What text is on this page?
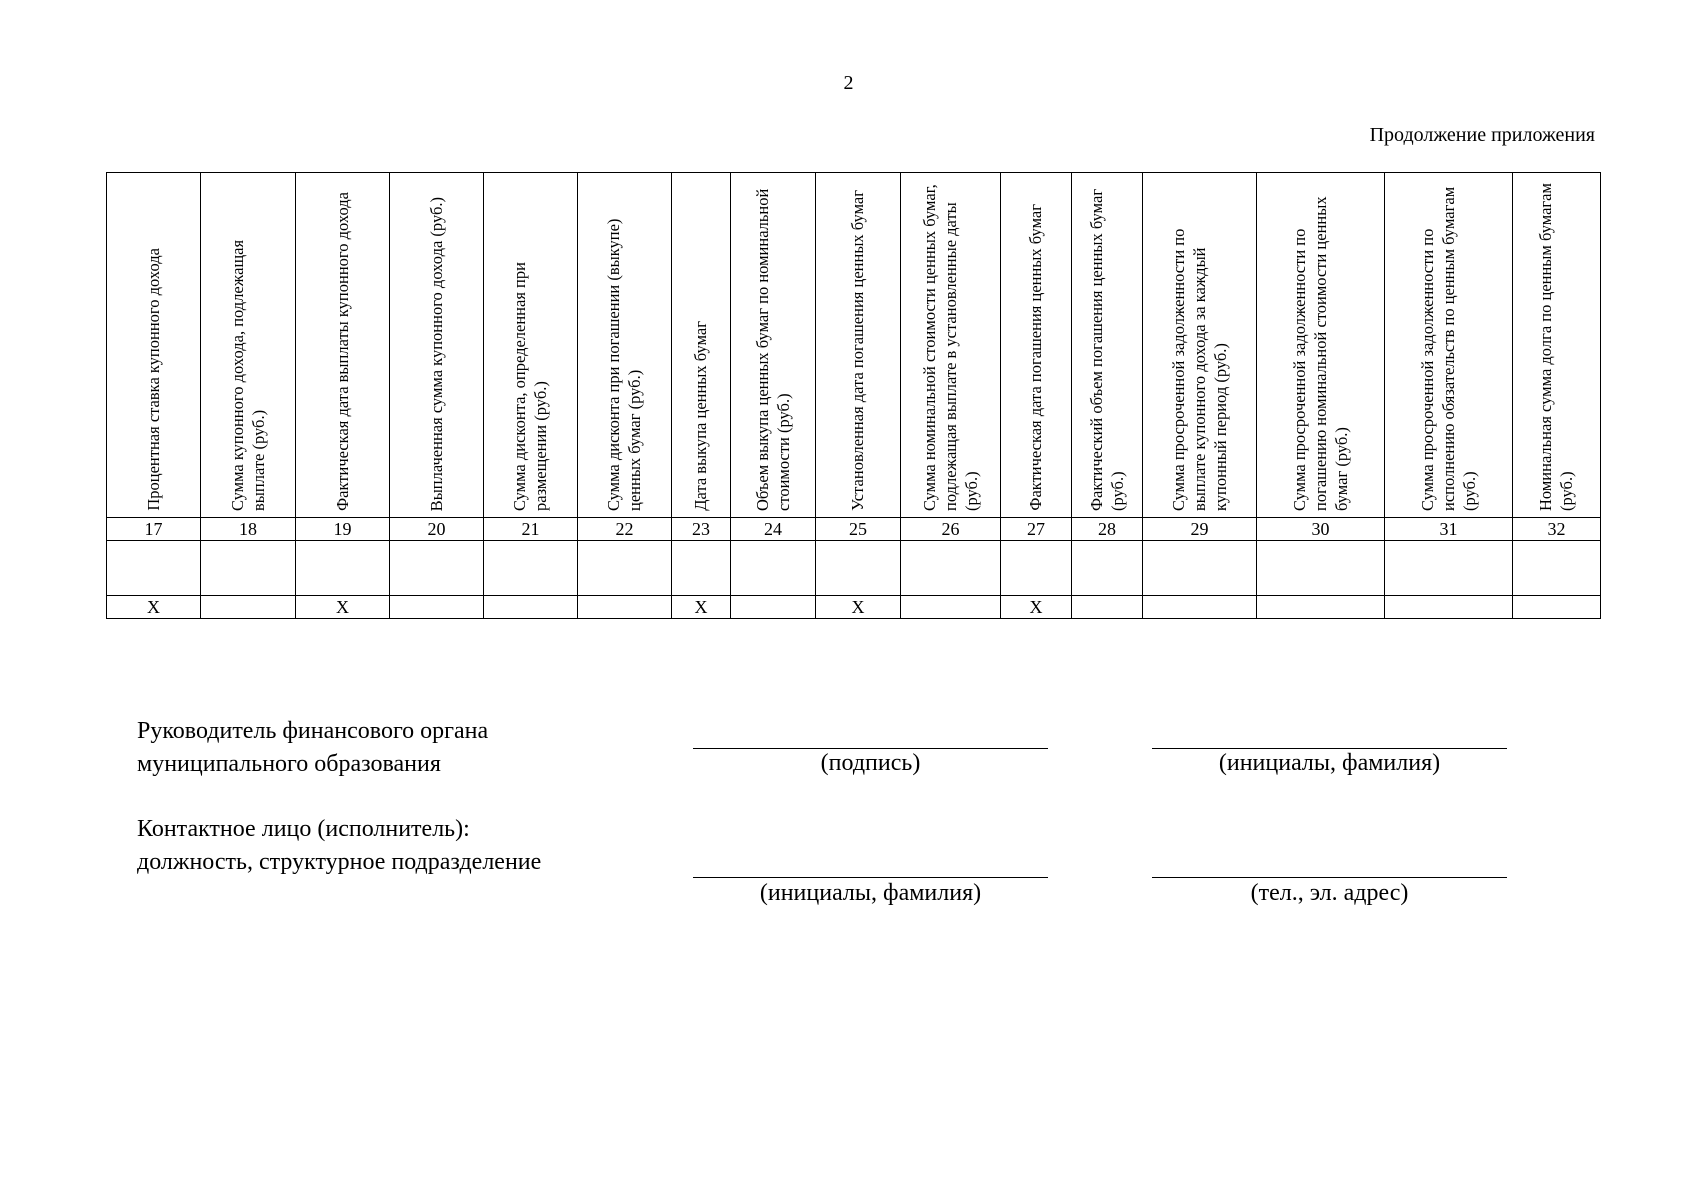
2
Продолжение приложения
Процентная ставка купонного дохода	Сумма купонного дохода, подлежащая выплате (руб.)	Фактическая дата выплаты купонного дохода	Выплаченная сумма купонного дохода (руб.)	Сумма дисконта, определенная при размещении (руб.)	Сумма дисконта при погашении (выкупе) ценных бумаг (руб.)	Дата выкупа ценных бумаг	Объем выкупа ценных бумаг по номинальной стоимости (руб.)	Установленная дата погашения ценных бумаг	Сумма номинальной стоимости ценных бумаг, подлежащая выплате в установленные даты (руб.)	Фактическая дата погашения ценных бумаг	Фактический объем погашения ценных бумаг (руб.)	Сумма просроченной задолженности по выплате купонного дохода за каждый купонный период (руб.)	Сумма просроченной задолженности по погашению номинальной стоимости ценных бумаг (руб.)	Сумма просроченной задолженности по исполнению обязательств по ценным бумагам (руб.)	Номинальная сумма долга по ценным бумагам (руб.)

17	18	19	20	21	22	23	24	25	26	27	28	29	30	31	32

Х		Х				Х		Х		Х					
Руководитель финансового органа
муниципального образования	(подпись)	(инициалы, фамилия)
Контактное лицо (исполнитель):
должность, структурное подразделение
(инициалы, фамилия)	(тел., эл. адрес)
